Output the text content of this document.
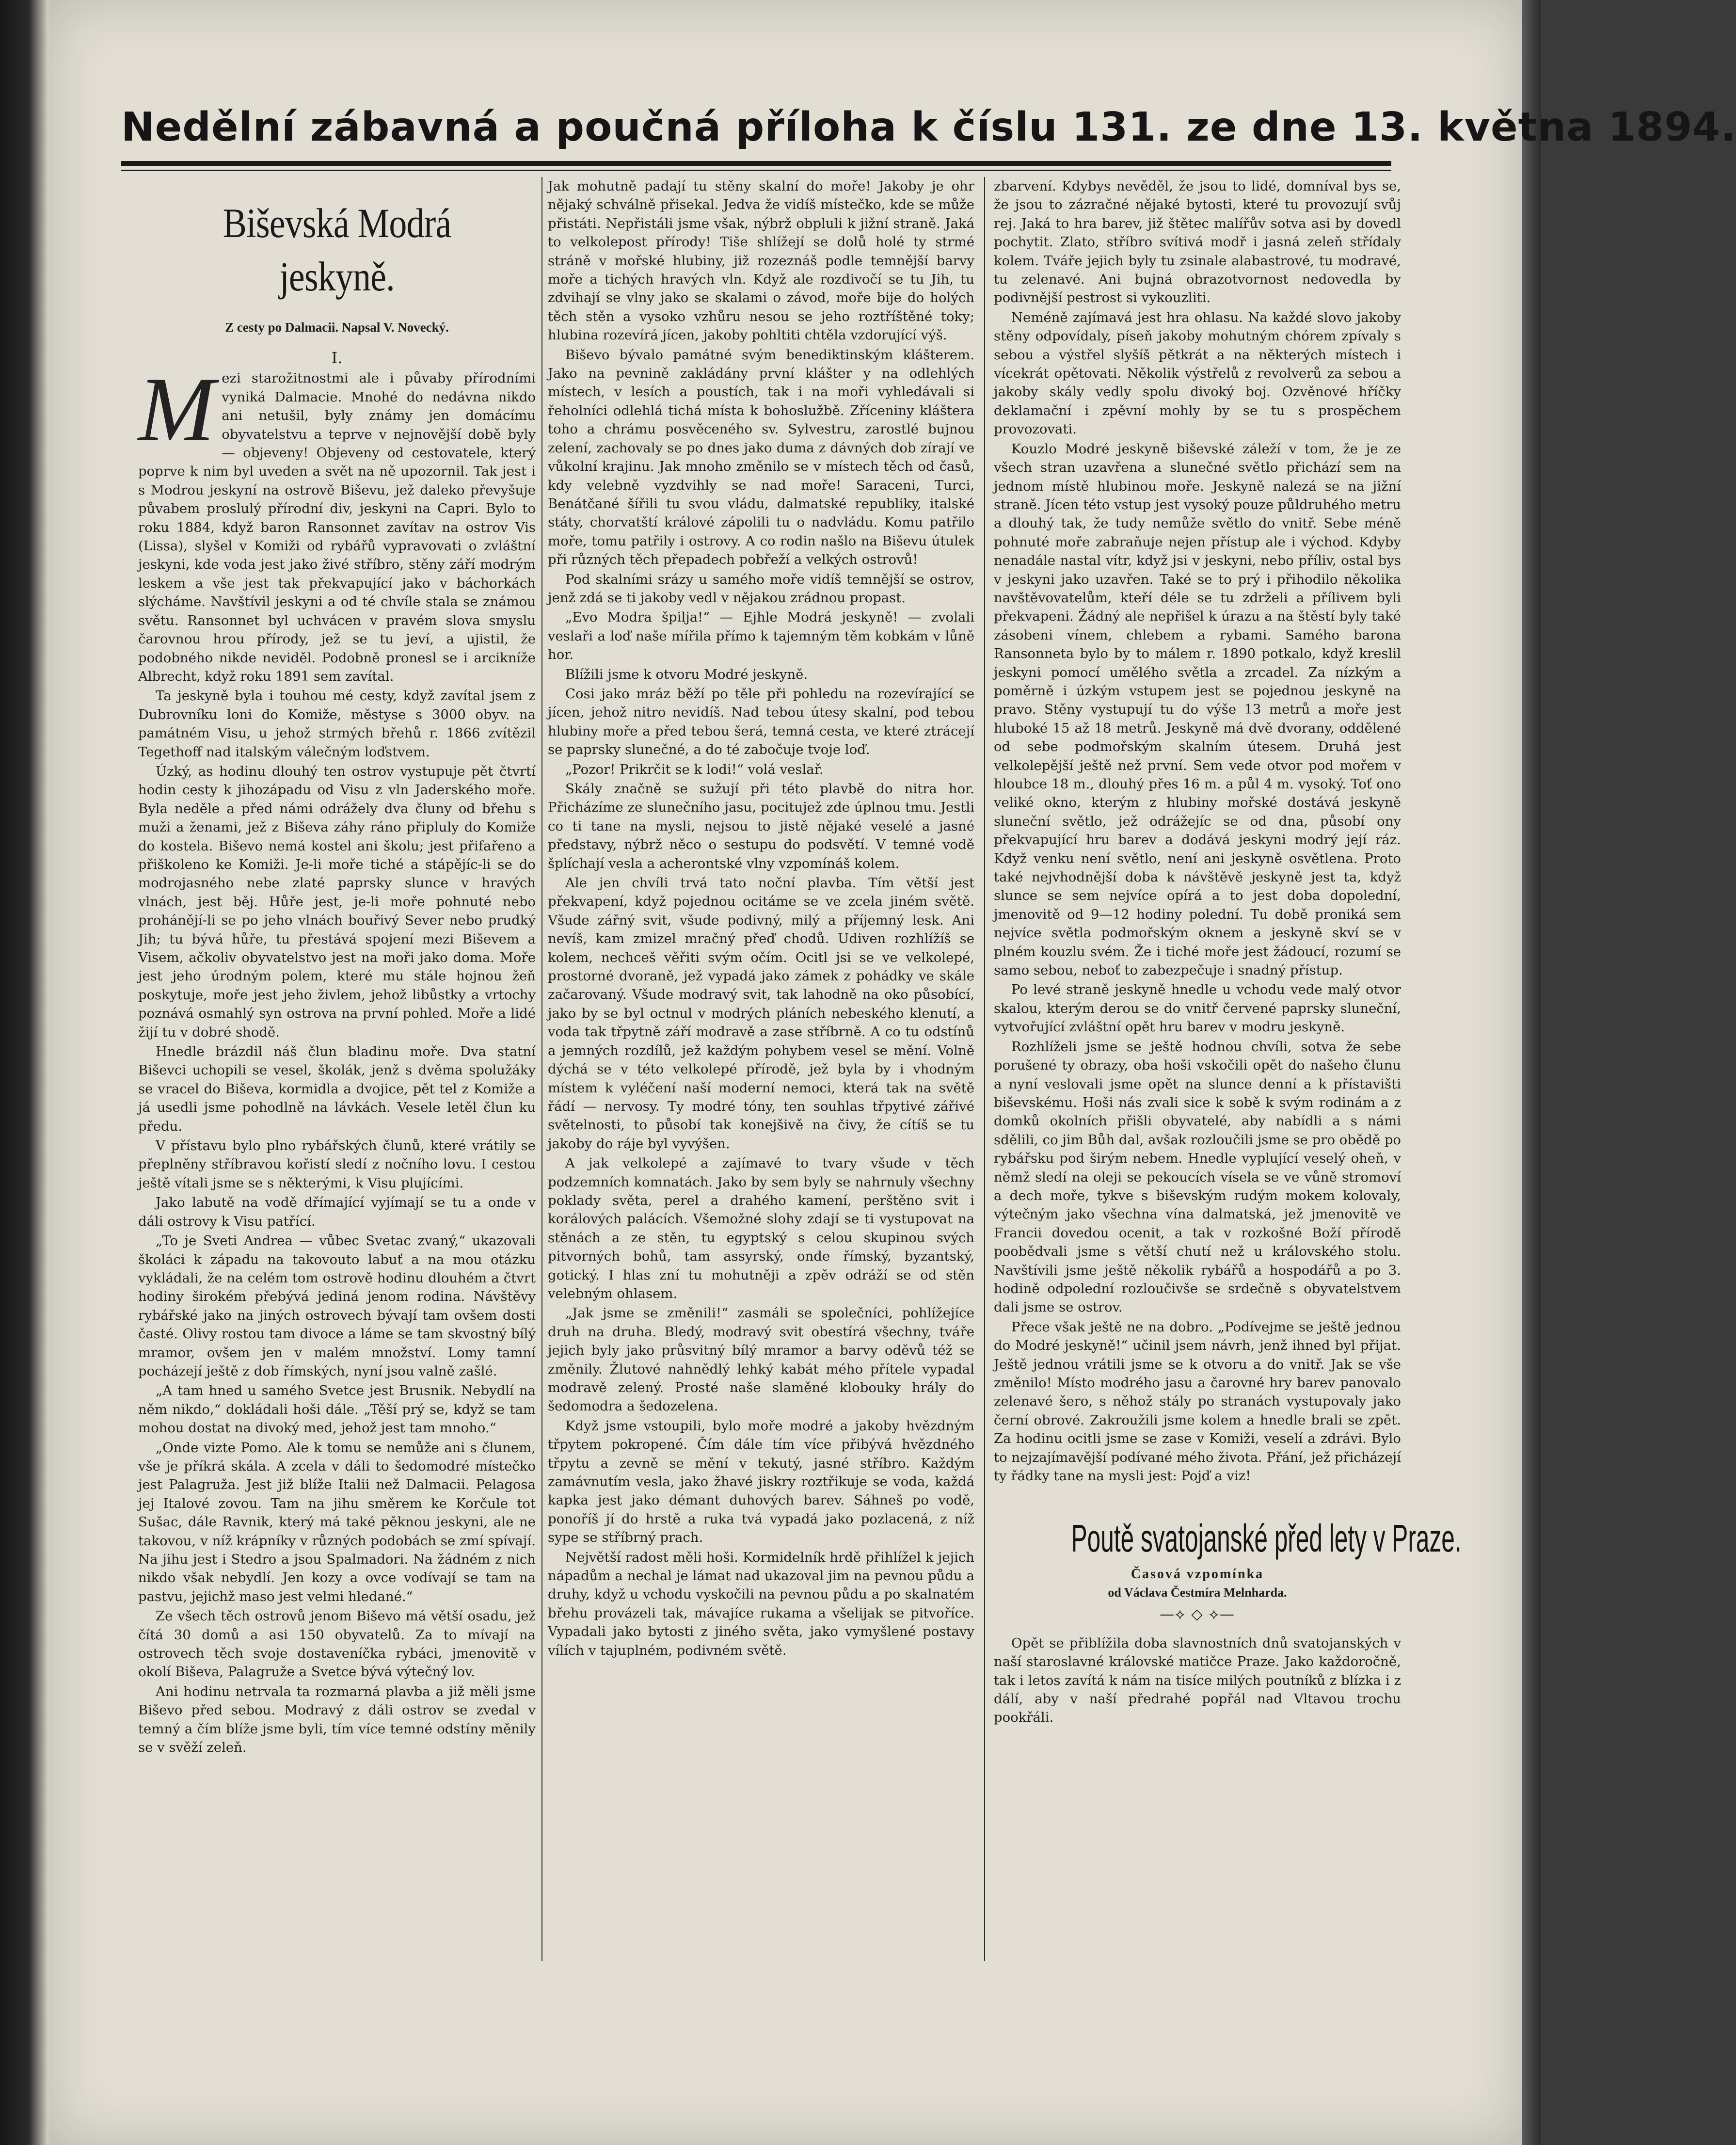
Nedělní zábavná a poučná příloha k číslu 131. ze dne 13. května 1894.
Biševská Modrá jeskyně.
Z cesty po Dalmacii. Napsal V. Novecký.
I.
M ezi starožitnostmi ale i půvaby přírodními vyniká Dalmacie. Mnohé do nedávna nikdo ani netušil, byly známy jen domácímu obyvatelstvu a teprve v nejnovější době byly — objeveny! Objeveny od cestovatele, který poprve k nim byl uveden a svět na ně upozornil. Tak jest i s Modrou jeskyní na ostrově Biševu, jež daleko převyšuje půvabem proslulý přírodní div, jeskyni na Capri. Bylo to roku 1884, když baron Ransonnet zavítav na ostrov Vis (Lissa), slyšel v Komiži od rybářů vypravovati o zvláštní jeskyni, kde voda jest jako živé stříbro, stěny září modrým leskem a vše jest tak překvapující jako v báchorkách slýcháme. Navštívil jeskyni a od té chvíle stala se známou světu. Ransonnet byl uchvácen v pravém slova smyslu čarovnou hrou přírody, jež se tu jeví, a ujistil, že podobného nikde neviděl. Podobně pronesl se i arcikníže Albrecht, když roku 1891 sem zavítal.

Ta jeskyně byla i touhou mé cesty, když zavítal jsem z Dubrovníku loni do Komiže, městyse s 3000 obyv. na památném Visu, u jehož strmých břehů r. 1866 zvítězil Tegethoff nad italským válečným loďstvem.

Úzký, as hodinu dlouhý ten ostrov vystupuje pět čtvrtí hodin cesty k jihozápadu od Visu z vln Jaderského moře. Byla neděle a před námi odrážely dva čluny od břehu s muži a ženami, jež z Biševa záhy ráno připluly do Komiže do kostela. Biševo nemá kostel ani školu; jest přifařeno a přiškoleno ke Komiži. Je-li moře tiché a stápějíc-li se do modrojasného nebe zlaté paprsky slunce v hravých vlnách, jest běj. Hůře jest, je-li moře pohnuté nebo prohánějí-li se po jeho vlnách bouřivý Sever nebo prudký Jih; tu bývá hůře, tu přestává spojení mezi Biševem a Visem, ačkoliv obyvatelstvo jest na moři jako doma. Moře jest jeho úrodným polem, které mu stále hojnou žeň poskytuje, moře jest jeho živlem, jehož libůstky a vrtochy poznává osmahlý syn ostrova na první pohled. Moře a lidé žijí tu v dobré shodě.

Hnedle brázdil náš člun bladinu moře. Dva statní Biševci uchopili se vesel, školák, jenž s dvěma spolužáky se vracel do Biševa, kormidla a dvojice, pět tel z Komiže a já usedli jsme pohodlně na lávkách. Vesele letěl člun ku předu.

V přístavu bylo plno rybářských člunů, které vrátily se přeplněny stříbravou kořistí sledí z nočního lovu. I cestou ještě vítali jsme se s některými, k Visu plujícími.

Jako labutě na vodě dřímající vyjímají se tu a onde v dáli ostrovy k Visu patřící.

„To je Sveti Andrea — vůbec Svetac zvaný,“ ukazovali školáci k západu na takovouto labuť a na mou otázku vykládali, že na celém tom ostrově hodinu dlouhém a čtvrt hodiny širokém přebývá jediná jenom rodina. Návštěvy rybářské jako na jiných ostrovech bývají tam ovšem dosti časté. Olivy rostou tam divoce a láme se tam skvostný bílý mramor, ovšem jen v malém množství. Lomy tamní pocházejí ještě z dob římských, nyní jsou valně zašlé.

„A tam hned u samého Svetce jest Brusnik. Nebydlí na něm nikdo,“ dokládali hoši dále. „Těší prý se, když se tam mohou dostat na divoký med, jehož jest tam mnoho.“

„Onde vizte Pomo. Ale k tomu se nemůže ani s člunem, vše je příkrá skála. A zcela v dáli to šedomodré místečko jest Palagruža. Jest již blíže Italii než Dalmacii. Pelagosa jej Italové zovou. Tam na jihu směrem ke Korčule tot Sušac, dále Ravnik, který má také pěknou jeskyni, ale ne takovou, v níž krápníky v různých podobách se zmí spívají. Na jihu jest i Stedro a jsou Spalmadori. Na žádném z nich nikdo však nebydlí. Jen kozy a ovce vodívají se tam na pastvu, jejichž maso jest velmi hledané.“

Ze všech těch ostrovů jenom Biševo má větší osadu, jež čítá 30 domů a asi 150 obyvatelů. Za to mívají na ostrovech těch svoje dostaveníčka rybáci, jmenovitě v okolí Biševa, Palagruže a Svetce bývá výtečný lov.

Ani hodinu netrvala ta rozmarná plavba a již měli jsme Biševo před sebou. Modravý z dáli ostrov se zvedal v temný a čím blíže jsme byli, tím více temné odstíny měnily se v svěží zeleň.

Jak mohutně padají tu stěny skalní do moře! Jakoby je ohr nějaký schválně přisekal. Jedva že vidíš místečko, kde se může přistáti. Nepřistáli jsme však, nýbrž obpluli k jižní straně. Jaká to velkolepost přírody! Tiše shlížejí se dolů holé ty strmé stráně v mořské hlubiny, již rozeznáš podle temnější barvy moře a tichých hravých vln. Když ale rozdivočí se tu Jih, tu zdvihají se vlny jako se skalami o závod, moře bije do holých těch stěn a vysoko vzhůru nesou se jeho roztříštěné toky; hlubina rozevírá jícen, jakoby pohltiti chtěla vzdorující výš.

Biševo bývalo památné svým benediktinským klášterem. Jako na pevnině zakládány první klášter y na odlehlých místech, v lesích a poustích, tak i na moři vyhledávali si řeholníci odlehlá tichá místa k bohoslužbě. Zříceniny kláštera toho a chrámu posvěceného sv. Sylvestru, zarostlé bujnou zelení, zachovaly se po dnes jako duma z dávných dob zírají ve vůkolní krajinu. Jak mnoho změnilo se v místech těch od časů, kdy velebně vyzdvihly se nad moře! Saraceni, Turci, Benátčané šířili tu svou vládu, dalmatské republiky, italské státy, chorvatští králové zápolili tu o nadvládu. Komu patřilo moře, tomu patřily i ostrovy. A co rodin našlo na Biševu útulek při různých těch přepadech pobřeží a velkých ostrovů!

Pod skalními srázy u samého moře vidíš temnější se ostrov, jenž zdá se ti jakoby vedl v nějakou zrádnou propast.

„Evo Modra špilja!“ — Ejhle Modrá jeskyně! — zvolali veslaři a loď naše mířila přímo k tajemným těm kobkám v lůně hor.

Blížili jsme k otvoru Modré jeskyně.

Cosi jako mráz běží po těle při pohledu na rozevírající se jícen, jehož nitro nevidíš. Nad tebou útesy skalní, pod tebou hlubiny moře a před tebou šerá, temná cesta, ve které ztrácejí se paprsky slunečné, a do té zabočuje tvoje loď.

„Pozor! Prikrčit se k lodi!“ volá veslař.

Skály značně se sužují při této plavbě do nitra hor. Přicházíme ze slunečního jasu, pocitujež zde úplnou tmu. Jestli co ti tane na mysli, nejsou to jistě nějaké veselé a jasné představy, nýbrž něco o sestupu do podsvětí. V temné vodě šplíchají vesla a acherontské vlny vzpomínáš kolem.

Ale jen chvíli trvá tato noční plavba. Tím větší jest překvapení, když pojednou ocitáme se ve zcela jiném světě. Všude zářný svit, všude podivný, milý a příjemný lesk. Ani nevíš, kam zmizel mračný přeď chodů. Udiven rozhlížíš se kolem, nechceš věřiti svým očím. Ocitl jsi se ve velkolepé, prostorné dvoraně, jež vypadá jako zámek z pohádky ve skále začarovaný. Všude modravý svit, tak lahodně na oko působící, jako by se byl octnul v modrých pláních nebeského klenutí, a voda tak třpytně září modravě a zase stříbrně. A co tu odstínů a jemných rozdílů, jež každým pohybem vesel se mění. Volně dýchá se v této velkolepé přírodě, jež byla by i vhodným místem k vyléčení naší moderní nemoci, která tak na světě řádí — nervosy. Ty modré tóny, ten souhlas třpytivé zářivé světelnosti, to působí tak konejšivě na čivy, že cítíš se tu jakoby do ráje byl vyvýšen.

A jak velkolepé a zajímavé to tvary všude v těch podzemních komnatách. Jako by sem byly se nahrnuly všechny poklady světa, perel a drahého kamení, perštěno svit i korálových palácích. Všemožné slohy zdají se ti vystupovat na stěnách a ze stěn, tu egyptský s celou skupinou svých pitvorných bohů, tam assyrský, onde římský, byzantský, gotický. I hlas zní tu mohutněji a zpěv odráží se od stěn velebným ohlasem.

„Jak jsme se změnili!“ zasmáli se společníci, pohlížejíce druh na druha. Bledý, modravý svit obestírá všechny, tváře jejich byly jako průsvitný bílý mramor a barvy oděvů též se změnily. Žlutové nahnědlý lehký kabát mého přítele vypadal modravě zelený. Prosté naše slaměné klobouky hrály do šedomodra a šedozelena.

Když jsme vstoupili, bylo moře modré a jakoby hvězdným třpytem pokropené. Čím dále tím více přibývá hvězdného třpytu a zevně se mění v tekutý, jasné stříbro. Každým zamávnutím vesla, jako žhavé jiskry roztřikuje se voda, každá kapka jest jako démant duhových barev. Sáhneš po vodě, ponoříš jí do hrstě a ruka tvá vypadá jako pozlacená, z níž sype se stříbrný prach.

Největší radost měli hoši. Kormidelník hrdě přihlížel k jejich nápadům a nechal je lámat nad ukazoval jim na pevnou půdu a druhy, když u vchodu vyskočili na pevnou půdu a po skalnatém břehu provázeli tak, mávajíce rukama a všelijak se pitvoříce. Vypadali jako bytosti z jiného světa, jako vymyšlené postavy vílích v tajuplném, podivném světě.

zbarvení. Kdybys nevěděl, že jsou to lidé, domníval bys se, že jsou to zázračné nějaké bytosti, které tu provozují svůj rej. Jaká to hra barev, již štětec malířův sotva asi by dovedl pochytit. Zlato, stříbro svítivá modř i jasná zeleň střídaly kolem. Tváře jejich byly tu zsinale alabastrové, tu modravé, tu zelenavé. Ani bujná obrazotvornost nedovedla by podivnější pestrost si vykouzliti.

Neméně zajímavá jest hra ohlasu. Na každé slovo jakoby stěny odpovídaly, píseň jakoby mohutným chórem zpívaly s sebou a výstřel slyšíš pětkrát a na některých místech i vícekrát opětovati. Několik výstřelů z revolverů za sebou a jakoby skály vedly spolu divoký boj. Ozvěnové hříčky deklamační i zpěvní mohly by se tu s prospěchem provozovati.

Kouzlo Modré jeskyně biševské záleží v tom, že je ze všech stran uzavřena a slunečné světlo přichází sem na jednom místě hlubinou moře. Jeskyně nalezá se na jižní straně. Jícen této vstup jest vysoký pouze půldruhého metru a dlouhý tak, že tudy nemůže světlo do vnitř. Sebe méně pohnuté moře zabraňuje nejen přístup ale i východ. Kdyby nenadále nastal vítr, když jsi v jeskyni, nebo příliv, ostal bys v jeskyni jako uzavřen. Také se to prý i přihodilo několika navštěvovatelům, kteří déle se tu zdrželi a přílivem byli překvapeni. Žádný ale nepřišel k úrazu a na štěstí byly také zásobeni vínem, chlebem a rybami. Samého barona Ransonneta bylo by to málem r. 1890 potkalo, když kreslil jeskyni pomocí umělého světla a zrcadel. Za nízkým a poměrně i úzkým vstupem jest se pojednou jeskyně na pravo. Stěny vystupují tu do výše 13 metrů a moře jest hluboké 15 až 18 metrů. Jeskyně má dvě dvorany, oddělené od sebe podmořským skalním útesem. Druhá jest velkolepější ještě než první. Sem vede otvor pod mořem v hloubce 18 m., dlouhý přes 16 m. a půl 4 m. vysoký. Toť ono veliké okno, kterým z hlubiny mořské dostává jeskyně sluneční světlo, jež odrážejíc se od dna, působí ony překvapující hru barev a dodává jeskyni modrý její ráz. Když venku není světlo, není ani jeskyně osvětlena. Proto také nejvhodnější doba k návštěvě jeskyně jest ta, když slunce se sem nejvíce opírá a to jest doba dopolední, jmenovitě od 9—12 hodiny polední. Tu době proniká sem nejvíce světla podmořským oknem a jeskyně skví se v plném kouzlu svém. Že i tiché moře jest žádoucí, rozumí se samo sebou, neboť to zabezpečuje i snadný přístup.

Po levé straně jeskyně hnedle u vchodu vede malý otvor skalou, kterým derou se do vnitř červené paprsky sluneční, vytvořující zvláštní opět hru barev v modru jeskyně.

Rozhlíželi jsme se ještě hodnou chvíli, sotva že sebe porušené ty obrazy, oba hoši vskočili opět do našeho člunu a nyní veslovali jsme opět na slunce denní a k přístavišti biševskému. Hoši nás zvali sice k sobě k svým rodinám a z domků okolních přišli obyvatelé, aby nabídli a s námi sdělili, co jim Bůh dal, avšak rozloučili jsme se pro obědě po rybářsku pod širým nebem. Hnedle vyplující veselý oheň, v němž sledí na oleji se pekoucích vísela se ve vůně stromoví a dech moře, tykve s biševským rudým mokem kolovaly, výtečným jako všechna vína dalmatská, jež jmenovitě ve Francii dovedou ocenit, a tak v rozkošné Boží přírodě poobědvali jsme s větší chutí než u královského stolu. Navštívili jsme ještě několik rybářů a hospodářů a po 3. hodině odpolední rozloučivše se srdečně s obyvatelstvem dali jsme se ostrov.

Přece však ještě ne na dobro. „Podívejme se ještě jednou do Modré jeskyně!“ učinil jsem návrh, jenž ihned byl přijat. Ještě jednou vrátili jsme se k otvoru a do vnitř. Jak se vše změnilo! Místo modrého jasu a čarovné hry barev panovalo zelenavé šero, s něhož stály po stranách vystupovaly jako černí obrové. Zakroužili jsme kolem a hnedle brali se zpět. Za hodinu ocitli jsme se zase v Komiži, veselí a zdrávi. Bylo to nejzajímavější podívané mého života. Přání, jež přicházejí ty řádky tane na mysli jest: Pojď a viz!

Poutě svatojanské před lety v Praze.
Časová vzpomínka
od Václava Čestmíra Melnharda.
—⟡ ◇ ⟡—

Opět se přiblížila doba slavnostních dnů svatojanských v naší staroslavné královské matičce Praze. Jako každoročně, tak i letos zavítá k nám na tisíce milých poutníků z blízka i z dálí, aby v naší předrahé popřál nad Vltavou trochu pookřáli.
